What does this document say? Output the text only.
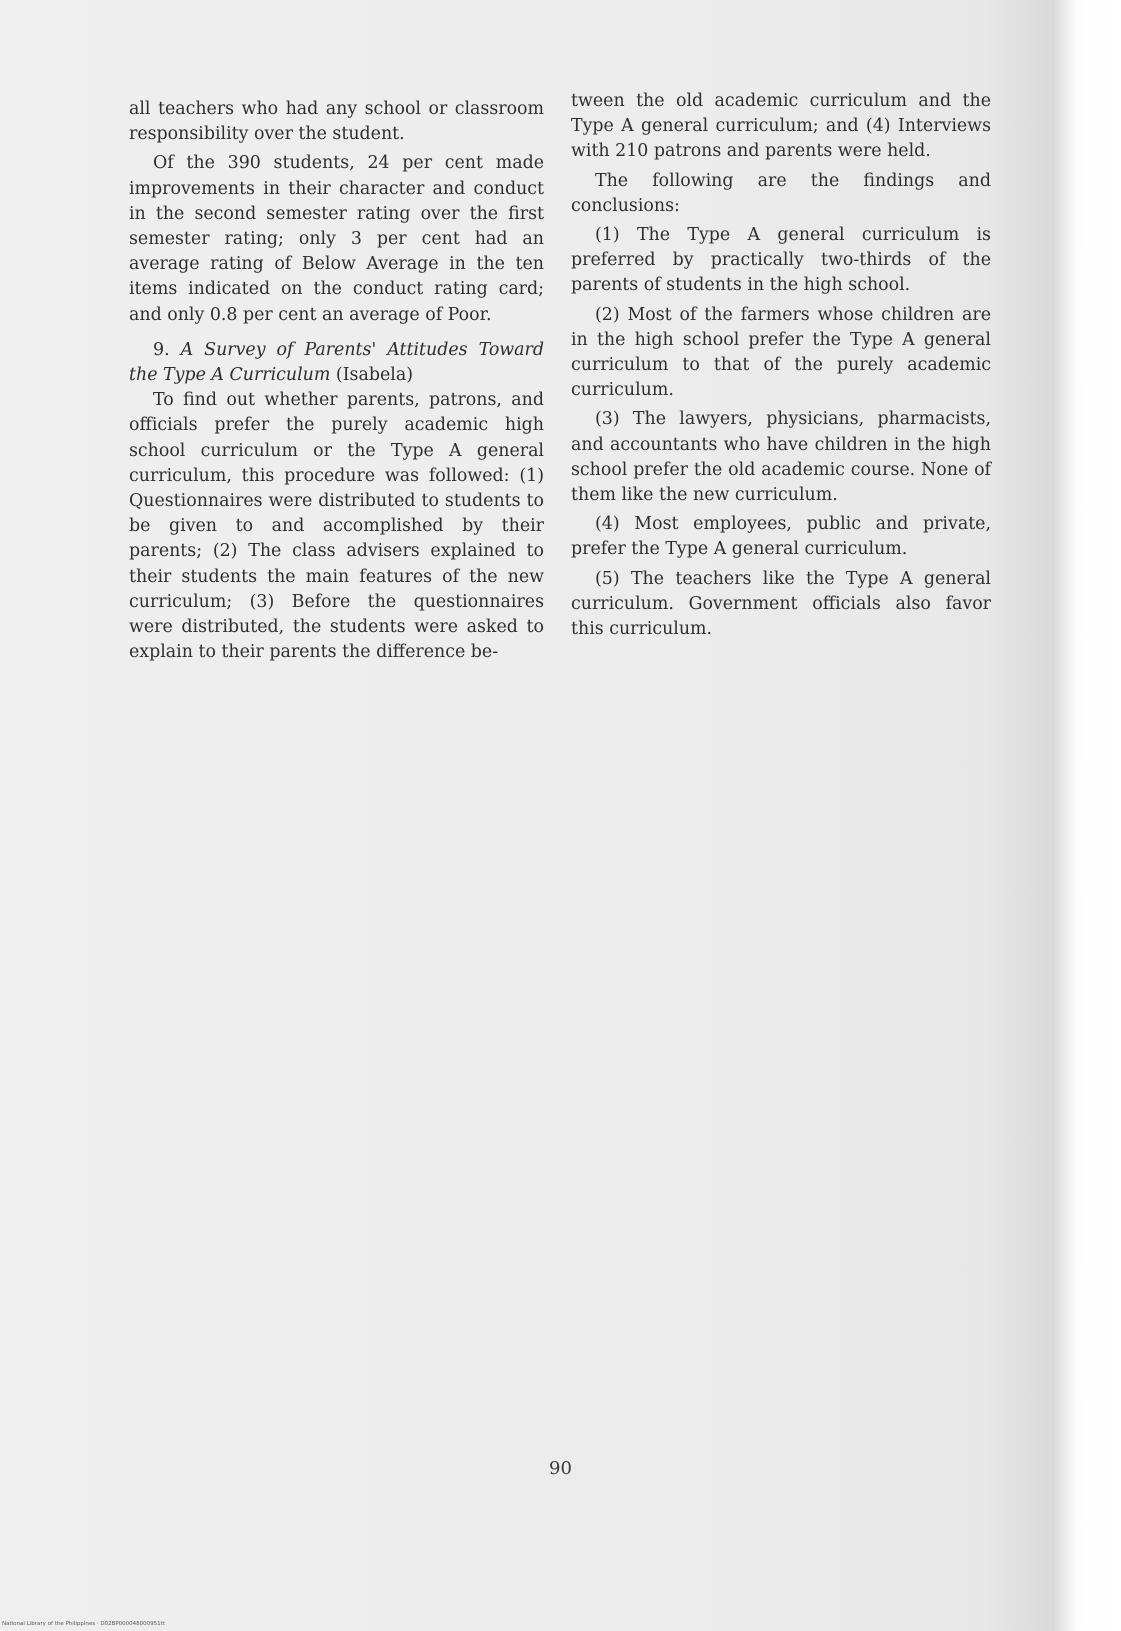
all teachers who had any school or classroom responsibility over the student.

Of the 390 students, 24 per cent made improvements in their character and conduct in the second semester rating over the first semester rating; only 3 per cent had an average rating of Below Average in the ten items indicated on the conduct rating card; and only 0.8 per cent an average of Poor.

9. A Survey of Parents' Attitudes Toward the Type A Curriculum (Isabela)

To find out whether parents, patrons, and officials prefer the purely academic high school curriculum or the Type A general curriculum, this procedure was followed: (1) Questionnaires were distributed to students to be given to and accomplished by their parents; (2) The class advisers explained to their students the main features of the new curriculum; (3) Before the questionnaires were distributed, the students were asked to explain to their parents the difference be-

tween the old academic curriculum and the Type A general curriculum; and (4) Interviews with 210 patrons and parents were held.

The following are the findings and conclusions:

(1) The Type A general curriculum is preferred by practically two-thirds of the parents of students in the high school.

(2) Most of the farmers whose children are in the high school prefer the Type A general curriculum to that of the purely academic curriculum.

(3) The lawyers, physicians, pharmacists, and accountants who have children in the high school prefer the old academic course. None of them like the new curriculum.

(4) Most employees, public and private, prefer the Type A general curriculum.

(5) The teachers like the Type A general curriculum. Government officials also favor this curriculum.

90
National Library of the Philippines · D02BP000048000951tt
